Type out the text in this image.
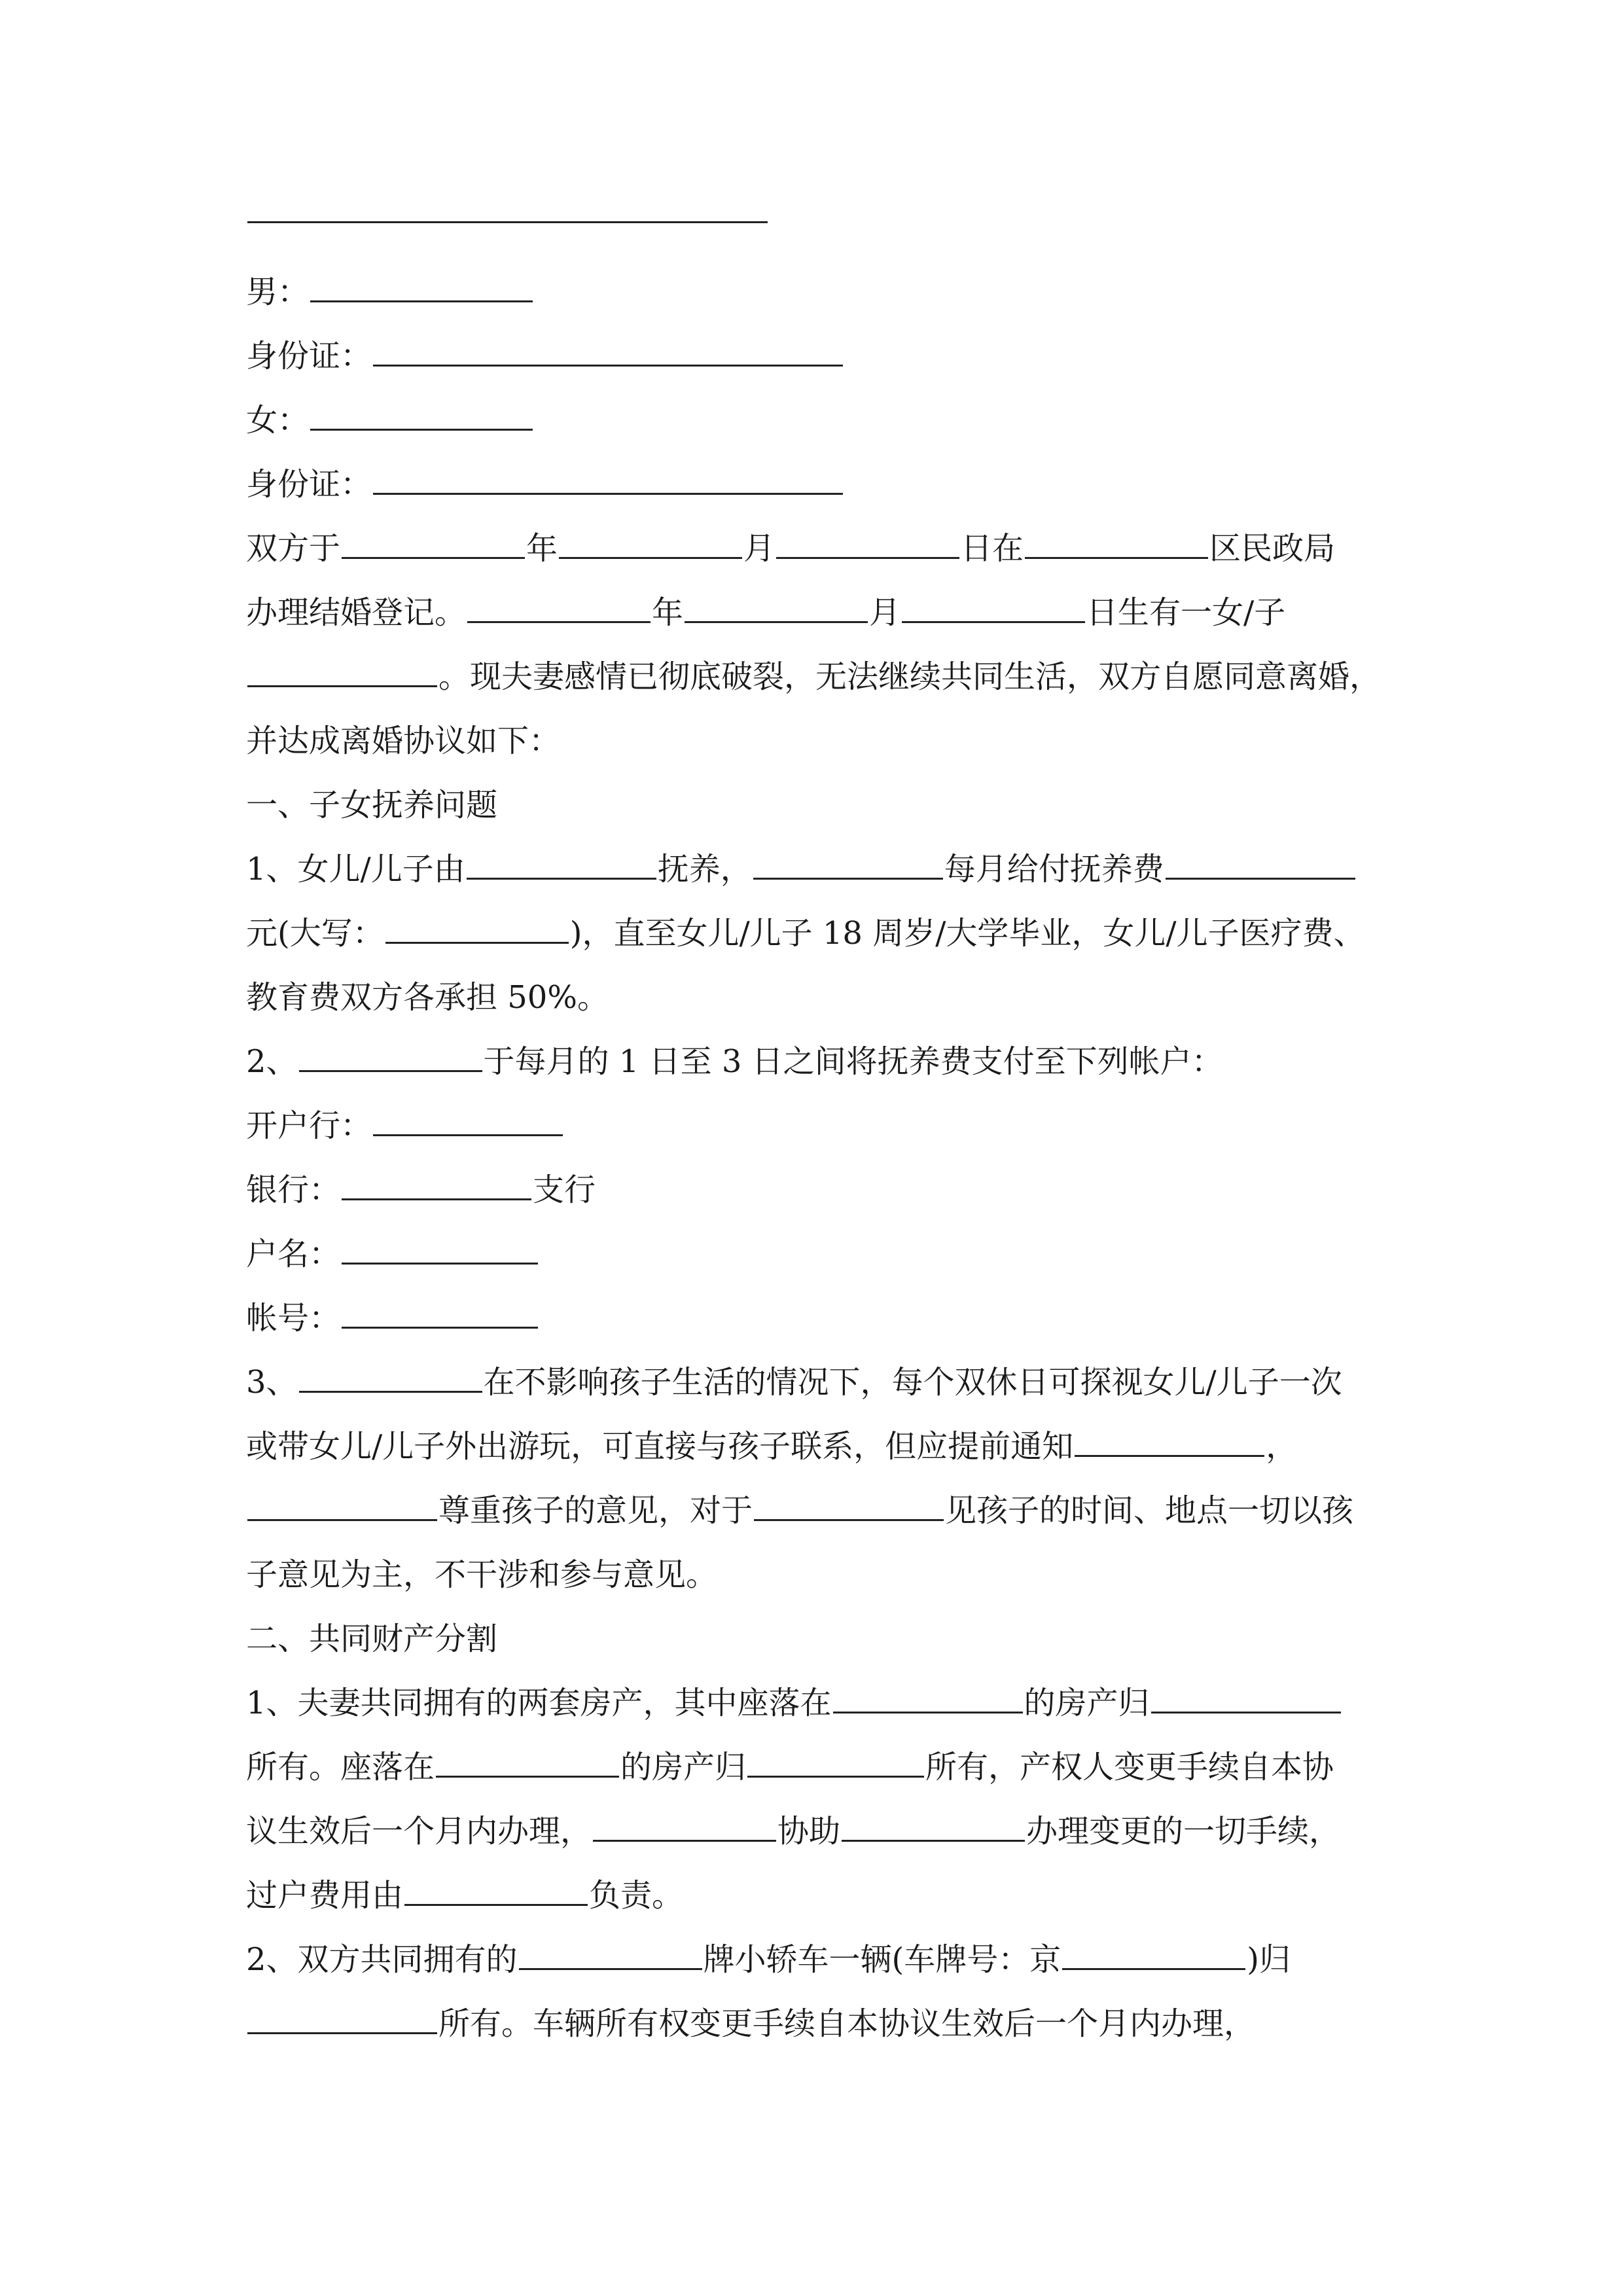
男：
身份证：
女：
身份证：
双方于	年	月	日在	区民政局
办理结婚登记。	年	月	日生有一女/子
。现夫妻感情已彻底破裂，无法继续共同生活，双方自愿同意离婚，
并达成离婚协议如下：
一、子女抚养问题
1、女儿/儿子由	抚养，	每月给付抚养费
元(大写：	)，直至女儿/儿子 18 周岁/大学毕业，女儿/儿子医疗费、
教育费双方各承担 50%。
2、	于每月的 1 日至 3 日之间将抚养费支付至下列帐户：
开户行：
银行：	支行
户名：
帐号：
3、	在不影响孩子生活的情况下，每个双休日可探视女儿/儿子一次
或带女儿/儿子外出游玩，可直接与孩子联系，但应提前通知	，
尊重孩子的意见，对于	见孩子的时间、地点一切以孩
子意见为主，不干涉和参与意见。
二、共同财产分割
1、夫妻共同拥有的两套房产，其中座落在	的房产归
所有。座落在	的房产归	所有，产权人变更手续自本协
议生效后一个月内办理，	协助	办理变更的一切手续，
过户费用由	负责。
2、双方共同拥有的	牌小轿车一辆(车牌号：京	)归
所有。车辆所有权变更手续自本协议生效后一个月内办理，
